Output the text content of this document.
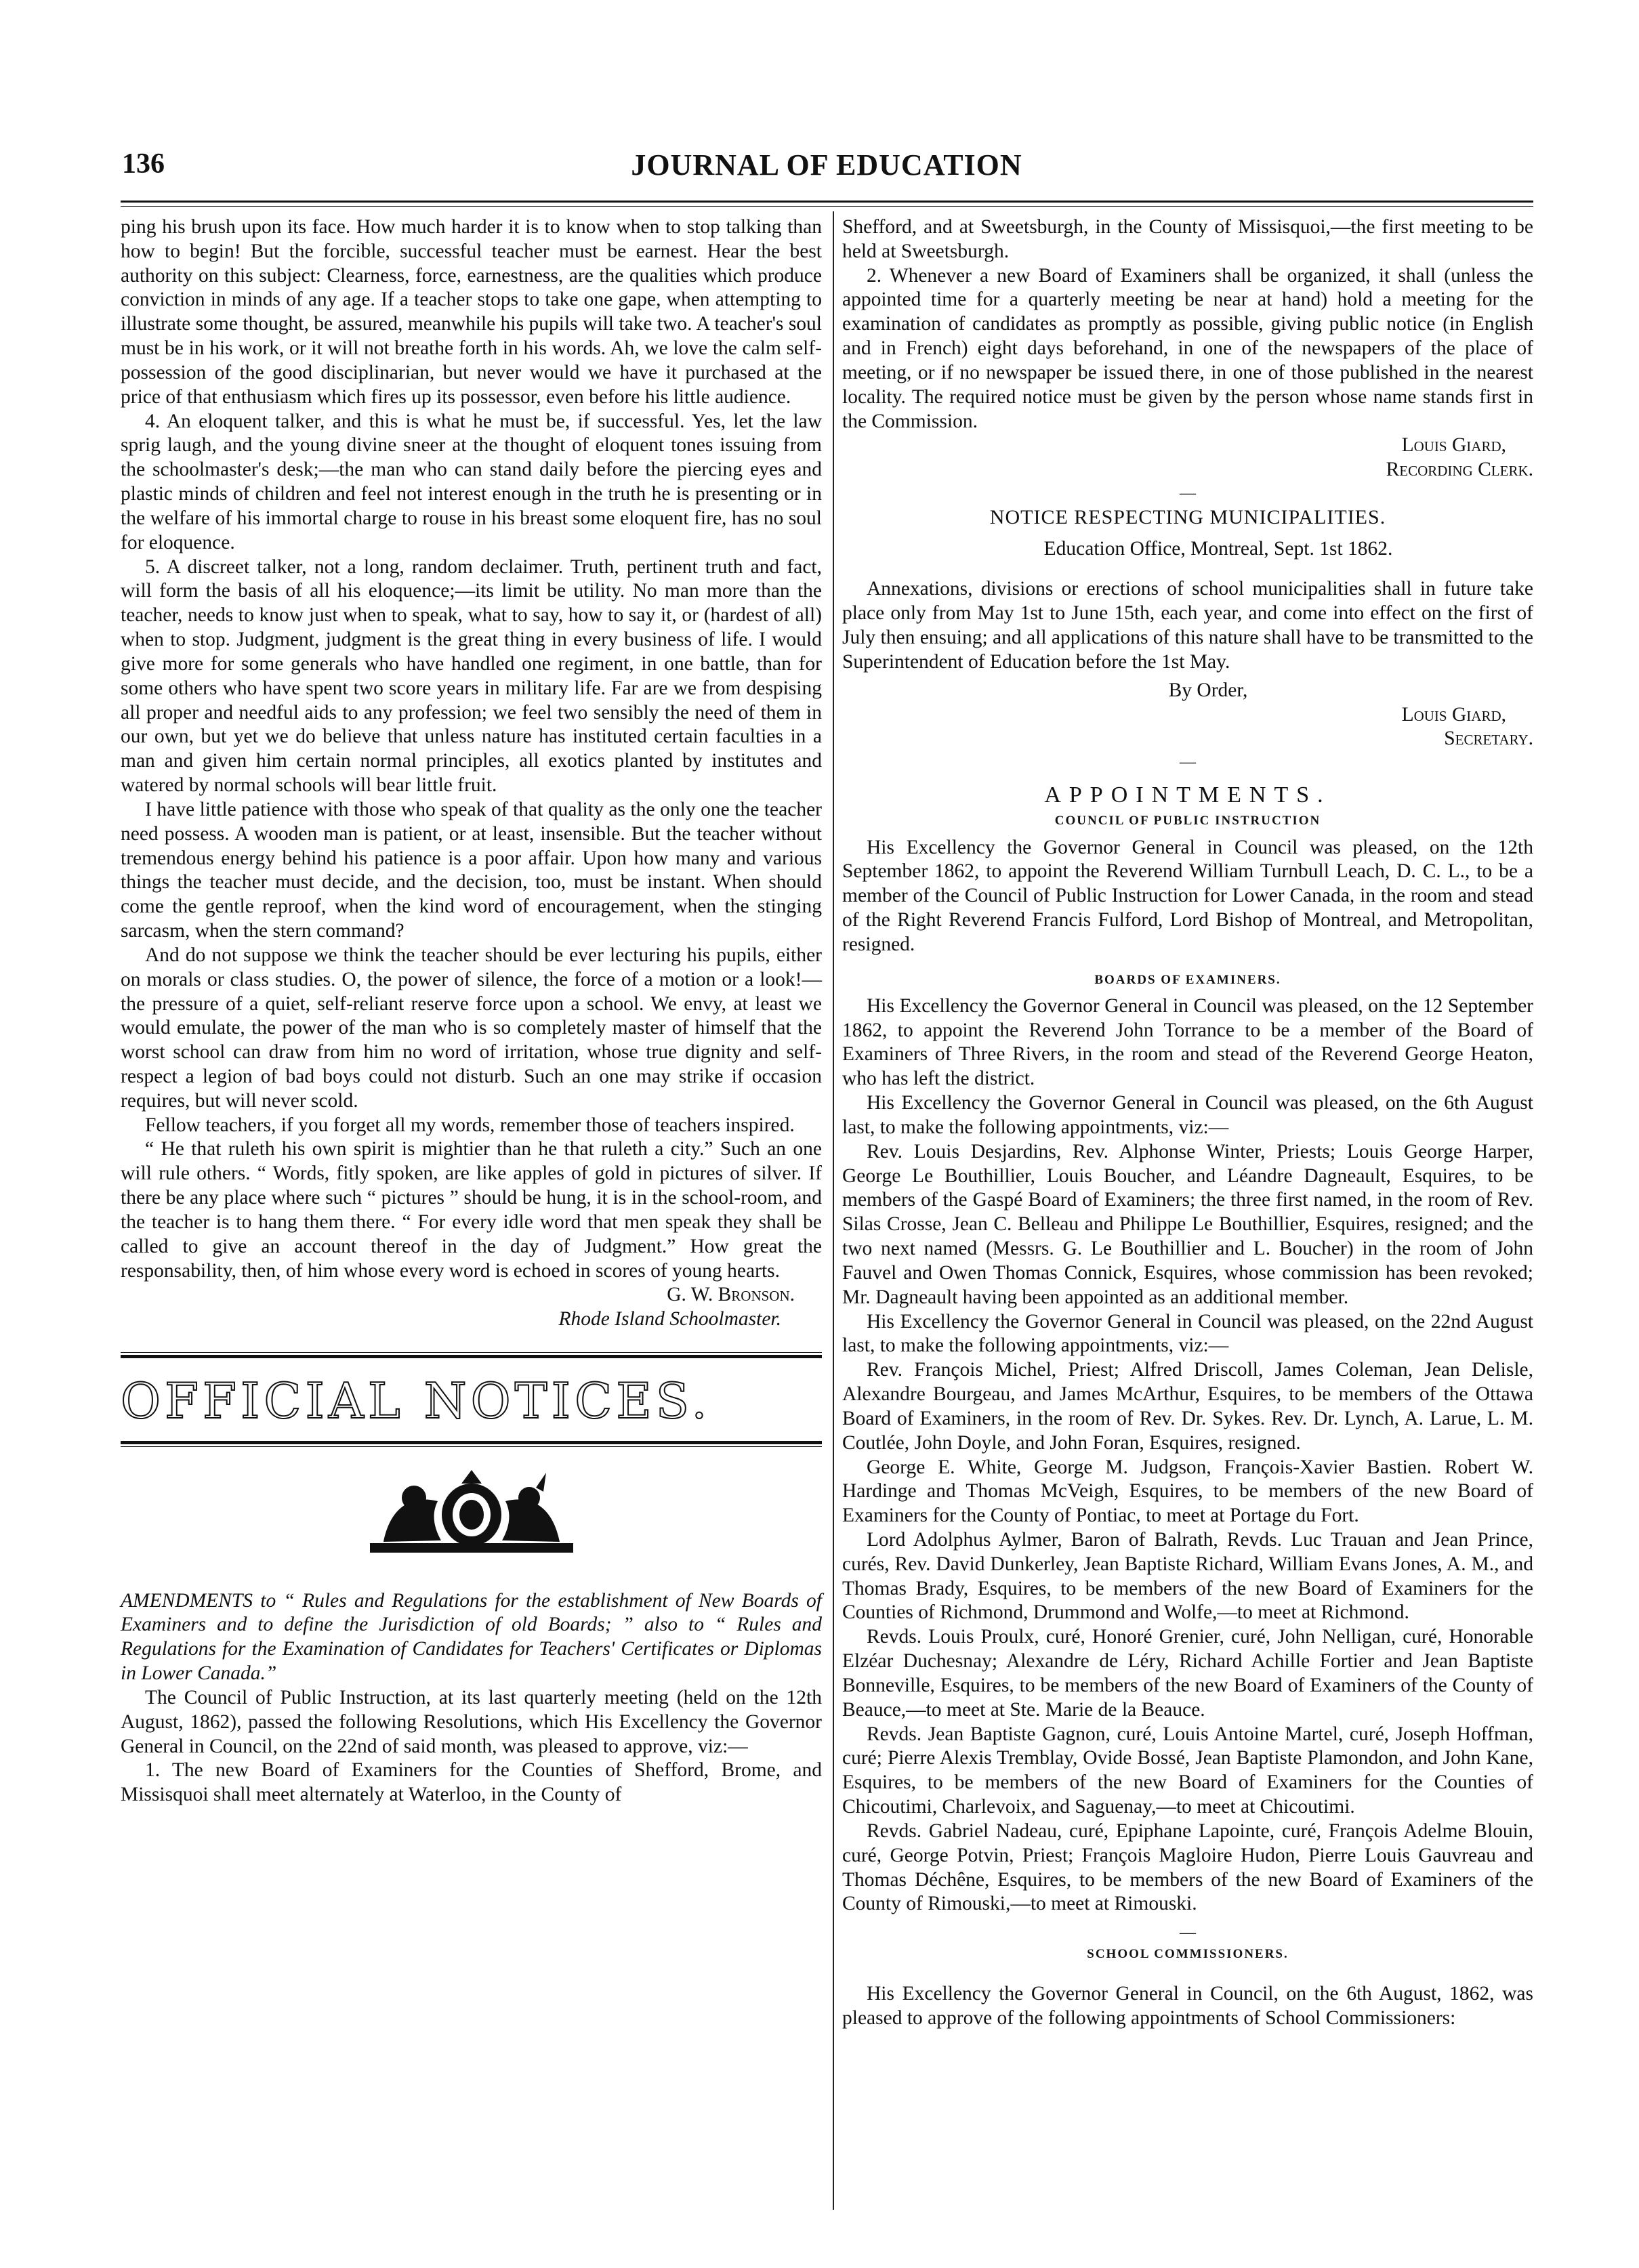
136	JOURNAL OF EDUCATION

ping his brush upon its face. How much harder it is to know when to stop talking than how to begin! But the forcible, successful teacher must be earnest. Hear the best authority on this subject: Clearness, force, earnestness, are the qualities which produce conviction in minds of any age. If a teacher stops to take one gape, when attempting to illustrate some thought, be assured, meanwhile his pupils will take two. A teacher's soul must be in his work, or it will not breathe forth in his words. Ah, we love the calm self-possession of the good disciplinarian, but never would we have it purchased at the price of that enthusiasm which fires up its possessor, even before his little audience.

4. An eloquent talker, and this is what he must be, if successful. Yes, let the law sprig laugh, and the young divine sneer at the thought of eloquent tones issuing from the schoolmaster's desk;—the man who can stand daily before the piercing eyes and plastic minds of children and feel not interest enough in the truth he is presenting or in the welfare of his immortal charge to rouse in his breast some eloquent fire, has no soul for eloquence.

5. A discreet talker, not a long, random declaimer. Truth, pertinent truth and fact, will form the basis of all his eloquence;—its limit be utility. No man more than the teacher, needs to know just when to speak, what to say, how to say it, or (hardest of all) when to stop. Judgment, judgment is the great thing in every business of life. I would give more for some generals who have handled one regiment, in one battle, than for some others who have spent two score years in military life. Far are we from despising all proper and needful aids to any profession; we feel two sensibly the need of them in our own, but yet we do believe that unless nature has instituted certain faculties in a man and given him certain normal principles, all exotics planted by institutes and watered by normal schools will bear little fruit.

I have little patience with those who speak of that quality as the only one the teacher need possess. A wooden man is patient, or at least, insensible. But the teacher without tremendous energy behind his patience is a poor affair. Upon how many and various things the teacher must decide, and the decision, too, must be instant. When should come the gentle reproof, when the kind word of encouragement, when the stinging sarcasm, when the stern command?

And do not suppose we think the teacher should be ever lecturing his pupils, either on morals or class studies. O, the power of silence, the force of a motion or a look!—the pressure of a quiet, self-reliant reserve force upon a school. We envy, at least we would emulate, the power of the man who is so completely master of himself that the worst school can draw from him no word of irritation, whose true dignity and self-respect a legion of bad boys could not disturb. Such an one may strike if occasion requires, but will never scold.

Fellow teachers, if you forget all my words, remember those of teachers inspired.

“ He that ruleth his own spirit is mightier than he that ruleth a city.” Such an one will rule others. “ Words, fitly spoken, are like apples of gold in pictures of silver. If there be any place where such “ pictures ” should be hung, it is in the school-room, and the teacher is to hang them there. “ For every idle word that men speak they shall be called to give an account thereof in the day of Judgment.” How great the responsability, then, of him whose every word is echoed in scores of young hearts.

G. W. Bronson.

Rhode Island Schoolmaster.

OFFICIAL NOTICES.

AMENDMENTS to “ Rules and Regulations for the establishment of New Boards of Examiners and to define the Jurisdiction of old Boards; ” also to “ Rules and Regulations for the Examination of Candidates for Teachers' Certificates or Diplomas in Lower Canada.”

The Council of Public Instruction, at its last quarterly meeting (held on the 12th August, 1862), passed the following Resolutions, which His Excellency the Governor General in Council, on the 22nd of said month, was pleased to approve, viz:—

1. The new Board of Examiners for the Counties of Shefford, Brome, and Missisquoi shall meet alternately at Waterloo, in the County of

Shefford, and at Sweetsburgh, in the County of Missisquoi,—the first meeting to be held at Sweetsburgh.

2. Whenever a new Board of Examiners shall be organized, it shall (unless the appointed time for a quarterly meeting be near at hand) hold a meeting for the examination of candidates as promptly as possible, giving public notice (in English and in French) eight days beforehand, in one of the newspapers of the place of meeting, or if no newspaper be issued there, in one of those published in the nearest locality. The required notice must be given by the person whose name stands first in the Commission.

Louis Giard,

Recording Clerk.

—
NOTICE RESPECTING MUNICIPALITIES.

Education Office, Montreal, Sept. 1st 1862.

Annexations, divisions or erections of school municipalities shall in future take place only from May 1st to June 15th, each year, and come into effect on the first of July then ensuing; and all applications of this nature shall have to be transmitted to the Superintendent of Education before the 1st May.

By Order,

Louis Giard,

Secretary.

—
APPOINTMENTS.
COUNCIL OF PUBLIC INSTRUCTION

His Excellency the Governor General in Council was pleased, on the 12th September 1862, to appoint the Reverend William Turnbull Leach, D. C. L., to be a member of the Council of Public Instruction for Lower Canada, in the room and stead of the Right Reverend Francis Fulford, Lord Bishop of Montreal, and Metropolitan, resigned.

BOARDS OF EXAMINERS.

His Excellency the Governor General in Council was pleased, on the 12 September 1862, to appoint the Reverend John Torrance to be a member of the Board of Examiners of Three Rivers, in the room and stead of the Reverend George Heaton, who has left the district.

His Excellency the Governor General in Council was pleased, on the 6th August last, to make the following appointments, viz:—

Rev. Louis Desjardins, Rev. Alphonse Winter, Priests; Louis George Harper, George Le Bouthillier, Louis Boucher, and Léandre Dagneault, Esquires, to be members of the Gaspé Board of Examiners; the three first named, in the room of Rev. Silas Crosse, Jean C. Belleau and Philippe Le Bouthillier, Esquires, resigned; and the two next named (Messrs. G. Le Bouthillier and L. Boucher) in the room of John Fauvel and Owen Thomas Connick, Esquires, whose commission has been revoked; Mr. Dagneault having been appointed as an additional member.

His Excellency the Governor General in Council was pleased, on the 22nd August last, to make the following appointments, viz:—

Rev. François Michel, Priest; Alfred Driscoll, James Coleman, Jean Delisle, Alexandre Bourgeau, and James McArthur, Esquires, to be members of the Ottawa Board of Examiners, in the room of Rev. Dr. Sykes. Rev. Dr. Lynch, A. Larue, L. M. Coutlée, John Doyle, and John Foran, Esquires, resigned.

George E. White, George M. Judgson, François-Xavier Bastien. Robert W. Hardinge and Thomas McVeigh, Esquires, to be members of the new Board of Examiners for the County of Pontiac, to meet at Portage du Fort.

Lord Adolphus Aylmer, Baron of Balrath, Revds. Luc Trauan and Jean Prince, curés, Rev. David Dunkerley, Jean Baptiste Richard, William Evans Jones, A. M., and Thomas Brady, Esquires, to be members of the new Board of Examiners for the Counties of Richmond, Drummond and Wolfe,—to meet at Richmond.

Revds. Louis Proulx, curé, Honoré Grenier, curé, John Nelligan, curé, Honorable Elzéar Duchesnay; Alexandre de Léry, Richard Achille Fortier and Jean Baptiste Bonneville, Esquires, to be members of the new Board of Examiners of the County of Beauce,—to meet at Ste. Marie de la Beauce.

Revds. Jean Baptiste Gagnon, curé, Louis Antoine Martel, curé, Joseph Hoffman, curé; Pierre Alexis Tremblay, Ovide Bossé, Jean Baptiste Plamondon, and John Kane, Esquires, to be members of the new Board of Examiners for the Counties of Chicoutimi, Charlevoix, and Saguenay,—to meet at Chicoutimi.

Revds. Gabriel Nadeau, curé, Epiphane Lapointe, curé, François Adelme Blouin, curé, George Potvin, Priest; François Magloire Hudon, Pierre Louis Gauvreau and Thomas Déchêne, Esquires, to be members of the new Board of Examiners of the County of Rimouski,—to meet at Rimouski.

—
SCHOOL COMMISSIONERS.

His Excellency the Governor General in Council, on the 6th August, 1862, was pleased to approve of the following appointments of School Commissioners:
